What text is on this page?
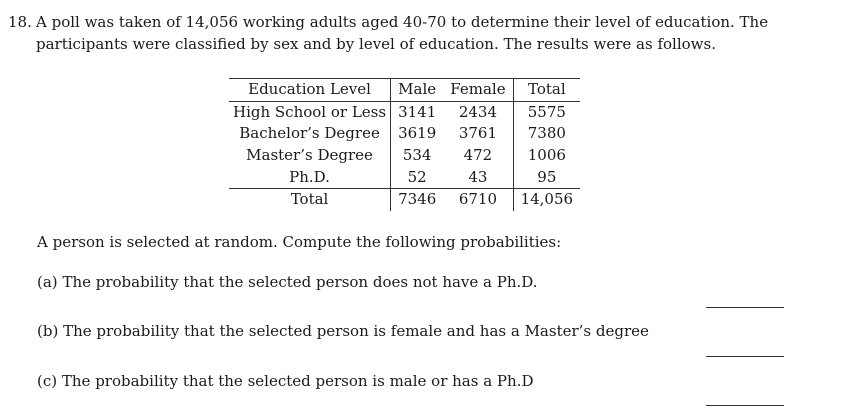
18. A poll was taken of 14,056 working adults aged 40-70 to determine their level of education. The
participants were classified by sex and by level of education. The results were as follows.
Education Level	Male	Female	Total
High School or Less	3141	2434	5575
Bachelor’s Degree	3619	3761	7380
Master’s Degree	534	472	1006
Ph.D.	52	43	95
Total	7346	6710	14,056
A person is selected at random. Compute the following probabilities:
(a) The probability that the selected person does not have a Ph.D.
(b) The probability that the selected person is female and has a Master’s degree
(c) The probability that the selected person is male or has a Ph.D
